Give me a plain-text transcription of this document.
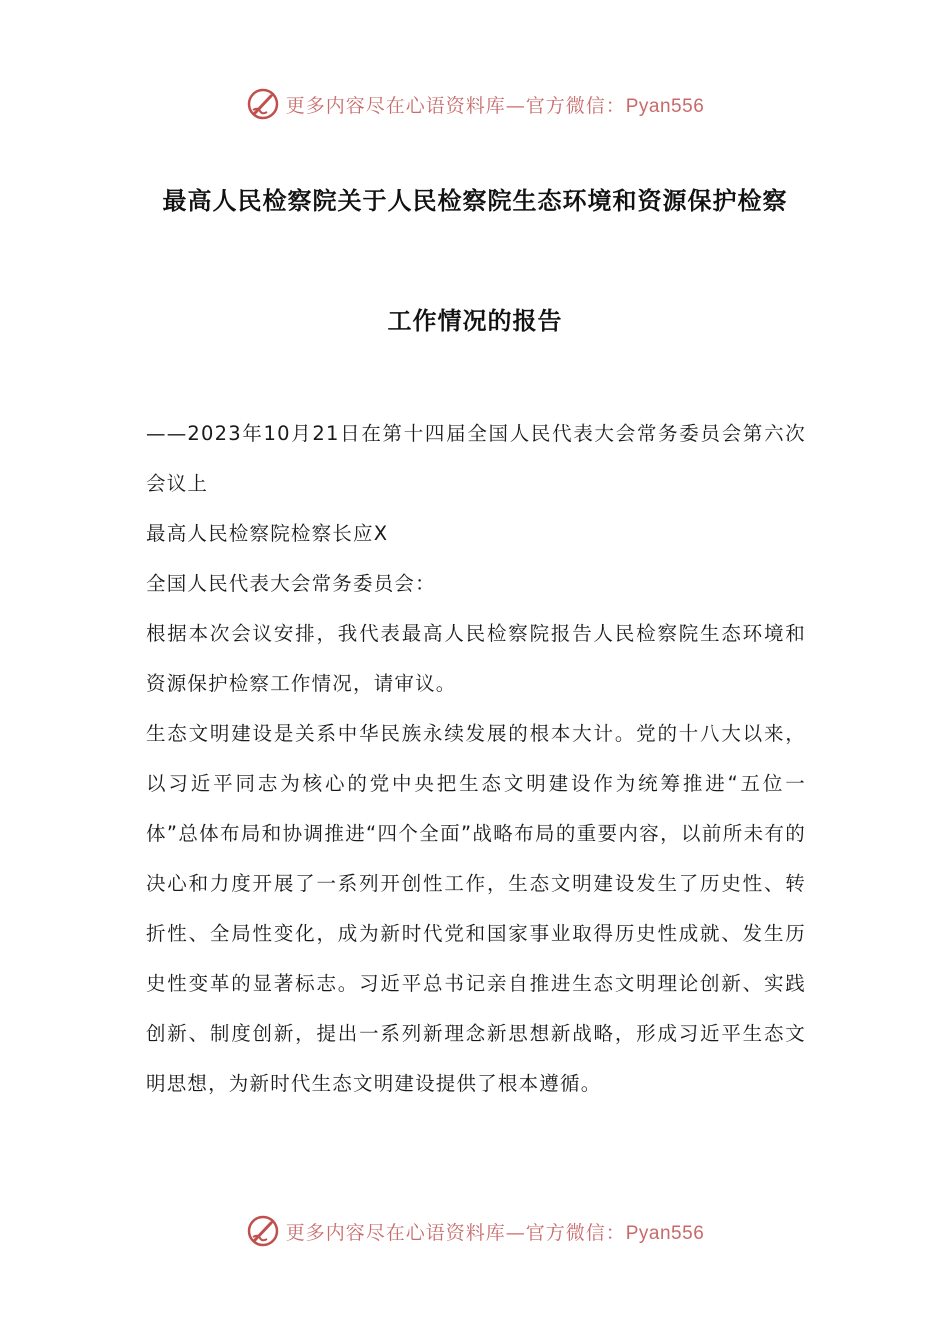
更多内容尽在心语资料库—官方微信：Pyan556
最高人民检察院关于人民检察院生态环境和资源保护检察
工作情况的报告

——2023年10月21日在第十四届全国人民代表大会常务委员会第六次会议上

最高人民检察院检察长应X

全国人民代表大会常务委员会：

根据本次会议安排，我代表最高人民检察院报告人民检察院生态环境和资源保护检察工作情况，请审议。

生态文明建设是关系中华民族永续发展的根本大计。党的十八大以来，以习近平同志为核心的党中央把生态文明建设作为统筹推进“五位一体”总体布局和协调推进“四个全面”战略布局的重要内容，以前所未有的决心和力度开展了一系列开创性工作，生态文明建设发生了历史性、转折性、全局性变化，成为新时代党和国家事业取得历史性成就、发生历史性变革的显著标志。习近平总书记亲自推进生态文明理论创新、实践创新、制度创新，提出一系列新理念新思想新战略，形成习近平生态文明思想，为新时代生态文明建设提供了根本遵循。

更多内容尽在心语资料库—官方微信：Pyan556
